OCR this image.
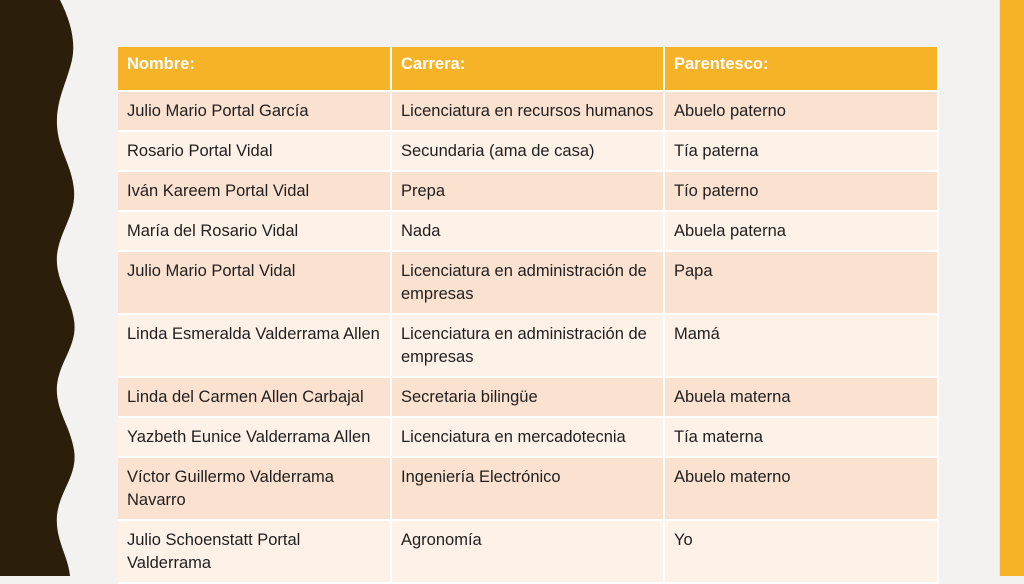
Nombre:	Carrera:	Parentesco:
Julio Mario Portal García	Licenciatura en recursos humanos	Abuelo paterno
Rosario Portal Vidal	Secundaria (ama de casa)	Tía paterna
Iván Kareem Portal Vidal	Prepa	Tío paterno
María del Rosario Vidal	Nada	Abuela paterna
Julio Mario Portal Vidal	Licenciatura en administración de empresas	Papa
Linda Esmeralda Valderrama Allen	Licenciatura en administración de empresas	Mamá
Linda del Carmen Allen Carbajal	Secretaria bilingüe	Abuela materna
Yazbeth Eunice Valderrama Allen	Licenciatura en mercadotecnia	Tía materna
Víctor Guillermo Valderrama Navarro	Ingeniería Electrónico	Abuelo materno
Julio Schoenstatt Portal Valderrama	Agronomía	Yo
